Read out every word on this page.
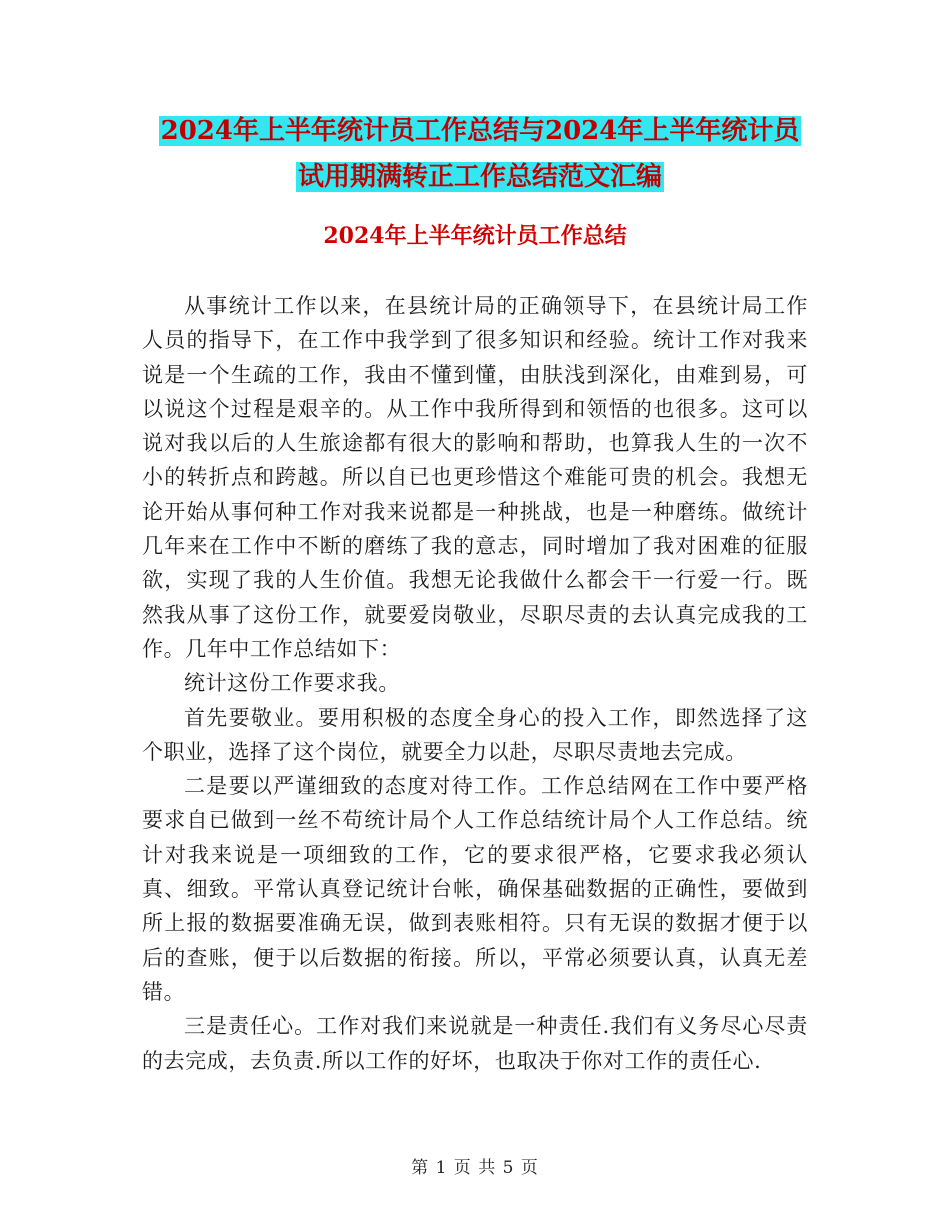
2024年上半年统计员工作总结与2024年上半年统计员
试用期满转正工作总结范文汇编
2024年上半年统计员工作总结

从事统计工作以来，在县统计局的正确领导下，在县统计局工作人员的指导下，在工作中我学到了很多知识和经验。统计工作对我来说是一个生疏的工作，我由不懂到懂，由肤浅到深化，由难到易，可以说这个过程是艰辛的。从工作中我所得到和领悟的也很多。这可以说对我以后的人生旅途都有很大的影响和帮助，也算我人生的一次不小的转折点和跨越。所以自已也更珍惜这个难能可贵的机会。我想无论开始从事何种工作对我来说都是一种挑战，也是一种磨练。做统计几年来在工作中不断的磨练了我的意志，同时增加了我对困难的征服欲，实现了我的人生价值。我想无论我做什么都会干一行爱一行。既然我从事了这份工作，就要爱岗敬业，尽职尽责的去认真完成我的工作。几年中工作总结如下：

统计这份工作要求我。

首先要敬业。要用积极的态度全身心的投入工作，即然选择了这个职业，选择了这个岗位，就要全力以赴，尽职尽责地去完成。

二是要以严谨细致的态度对待工作。工作总结网在工作中要严格要求自已做到一丝不苟统计局个人工作总结统计局个人工作总结。统计对我来说是一项细致的工作，它的要求很严格，它要求我必须认真、细致。平常认真登记统计台帐，确保基础数据的正确性，要做到所上报的数据要准确无误，做到表账相符。只有无误的数据才便于以后的查账，便于以后数据的衔接。所以，平常必须要认真，认真无差错。

三是责任心。工作对我们来说就是一种责任.我们有义务尽心尽责的去完成，去负责.所以工作的好坏，也取决于你对工作的责任心.

第 1 页 共 5 页
